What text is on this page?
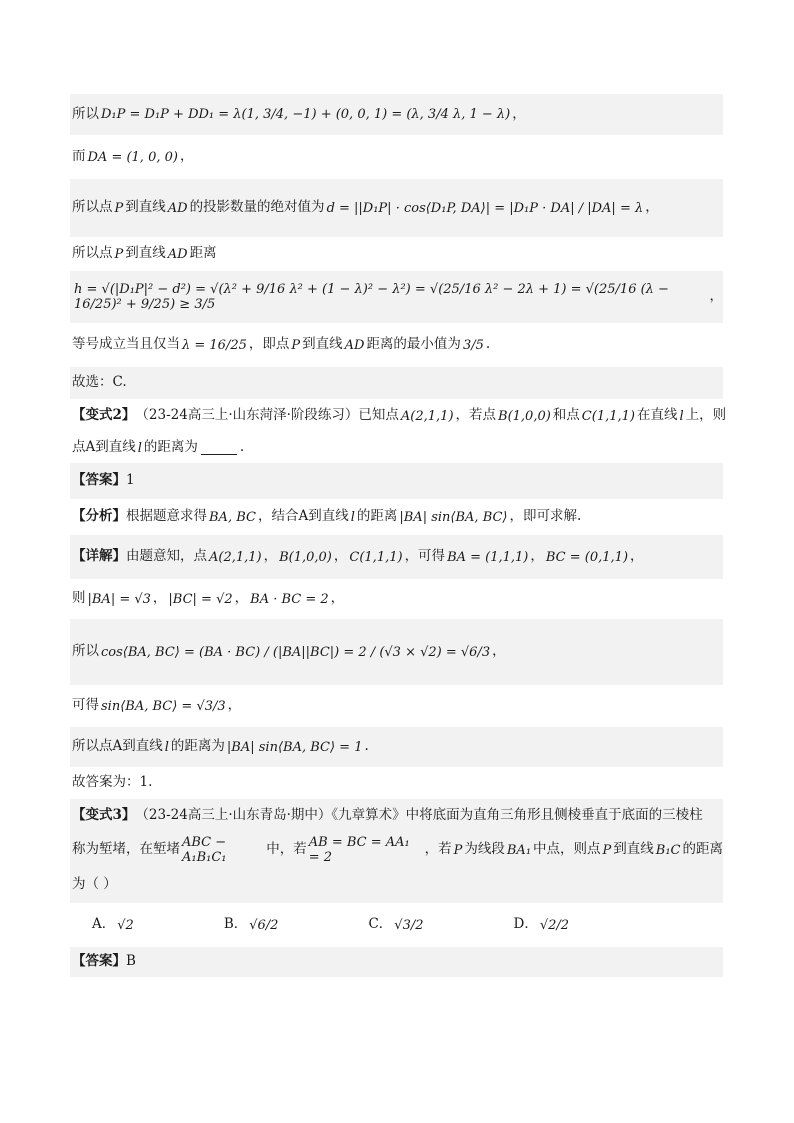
所以 D₁P = D₁P + DD₁ = λ(1, 3/4, −1) + (0, 0, 1) = (λ, 3/4 λ, 1 − λ) ，
而 DA = (1, 0, 0) ，
所以点 P 到直线 AD 的投影数量的绝对值为 d = ||D₁P| · cos⟨D₁P, DA⟩| = |D₁P · DA| / |DA| = λ ，
所以点 P 到直线 AD 距离
h = √(|D₁P|² − d²) = √(λ² + 9/16 λ² + (1 − λ)² − λ²) = √(25/16 λ² − 2λ + 1) = √(25/16 (λ − 16/25)² + 9/25) ≥ 3/5
，
等号成立当且仅当 λ = 16/25 ，即点 P 到直线 AD 距离的最小值为 3/5 .
故选：C.
【变式2】 （23-24高三上·山东菏泽·阶段练习）已知点 A(2,1,1) ，若点 B(1,0,0) 和点 C(1,1,1) 在直线 l 上，则
点A到直线 l 的距离为	.
【答案】 1
【分析】 根据题意求得 BA, BC ，结合A到直线 l 的距离 |BA| sin⟨BA, BC⟩ ，即可求解.
【详解】 由题意知，点 A(2,1,1) ， B(1,0,0) ， C(1,1,1) ，可得 BA = (1,1,1) ， BC = (0,1,1) ，
则 |BA| = √3 ， |BC| = √2 ， BA · BC = 2 ，
所以 cos⟨BA, BC⟩ = (BA · BC) / (|BA||BC|) = 2 / (√3 × √2) = √6/3 ，
可得 sin⟨BA, BC⟩ = √3/3 ，
所以点A到直线 l 的距离为 |BA| sin⟨BA, BC⟩ = 1 .
故答案为：1.
【变式3】 （23-24高三上·山东青岛·期中）《九章算术》中将底面为直角三角形且侧棱垂直于底面的三棱柱
称为堑堵，在堑堵 ABC − A₁B₁C₁
中，若 AB = BC = AA₁ = 2
，若 P 为线段 BA₁ 中点，则点 P 到直线 B₁C 的距离
为（ ）
A． √2	B． √6/2	C． √3/2	D． √2/2
【答案】 B
